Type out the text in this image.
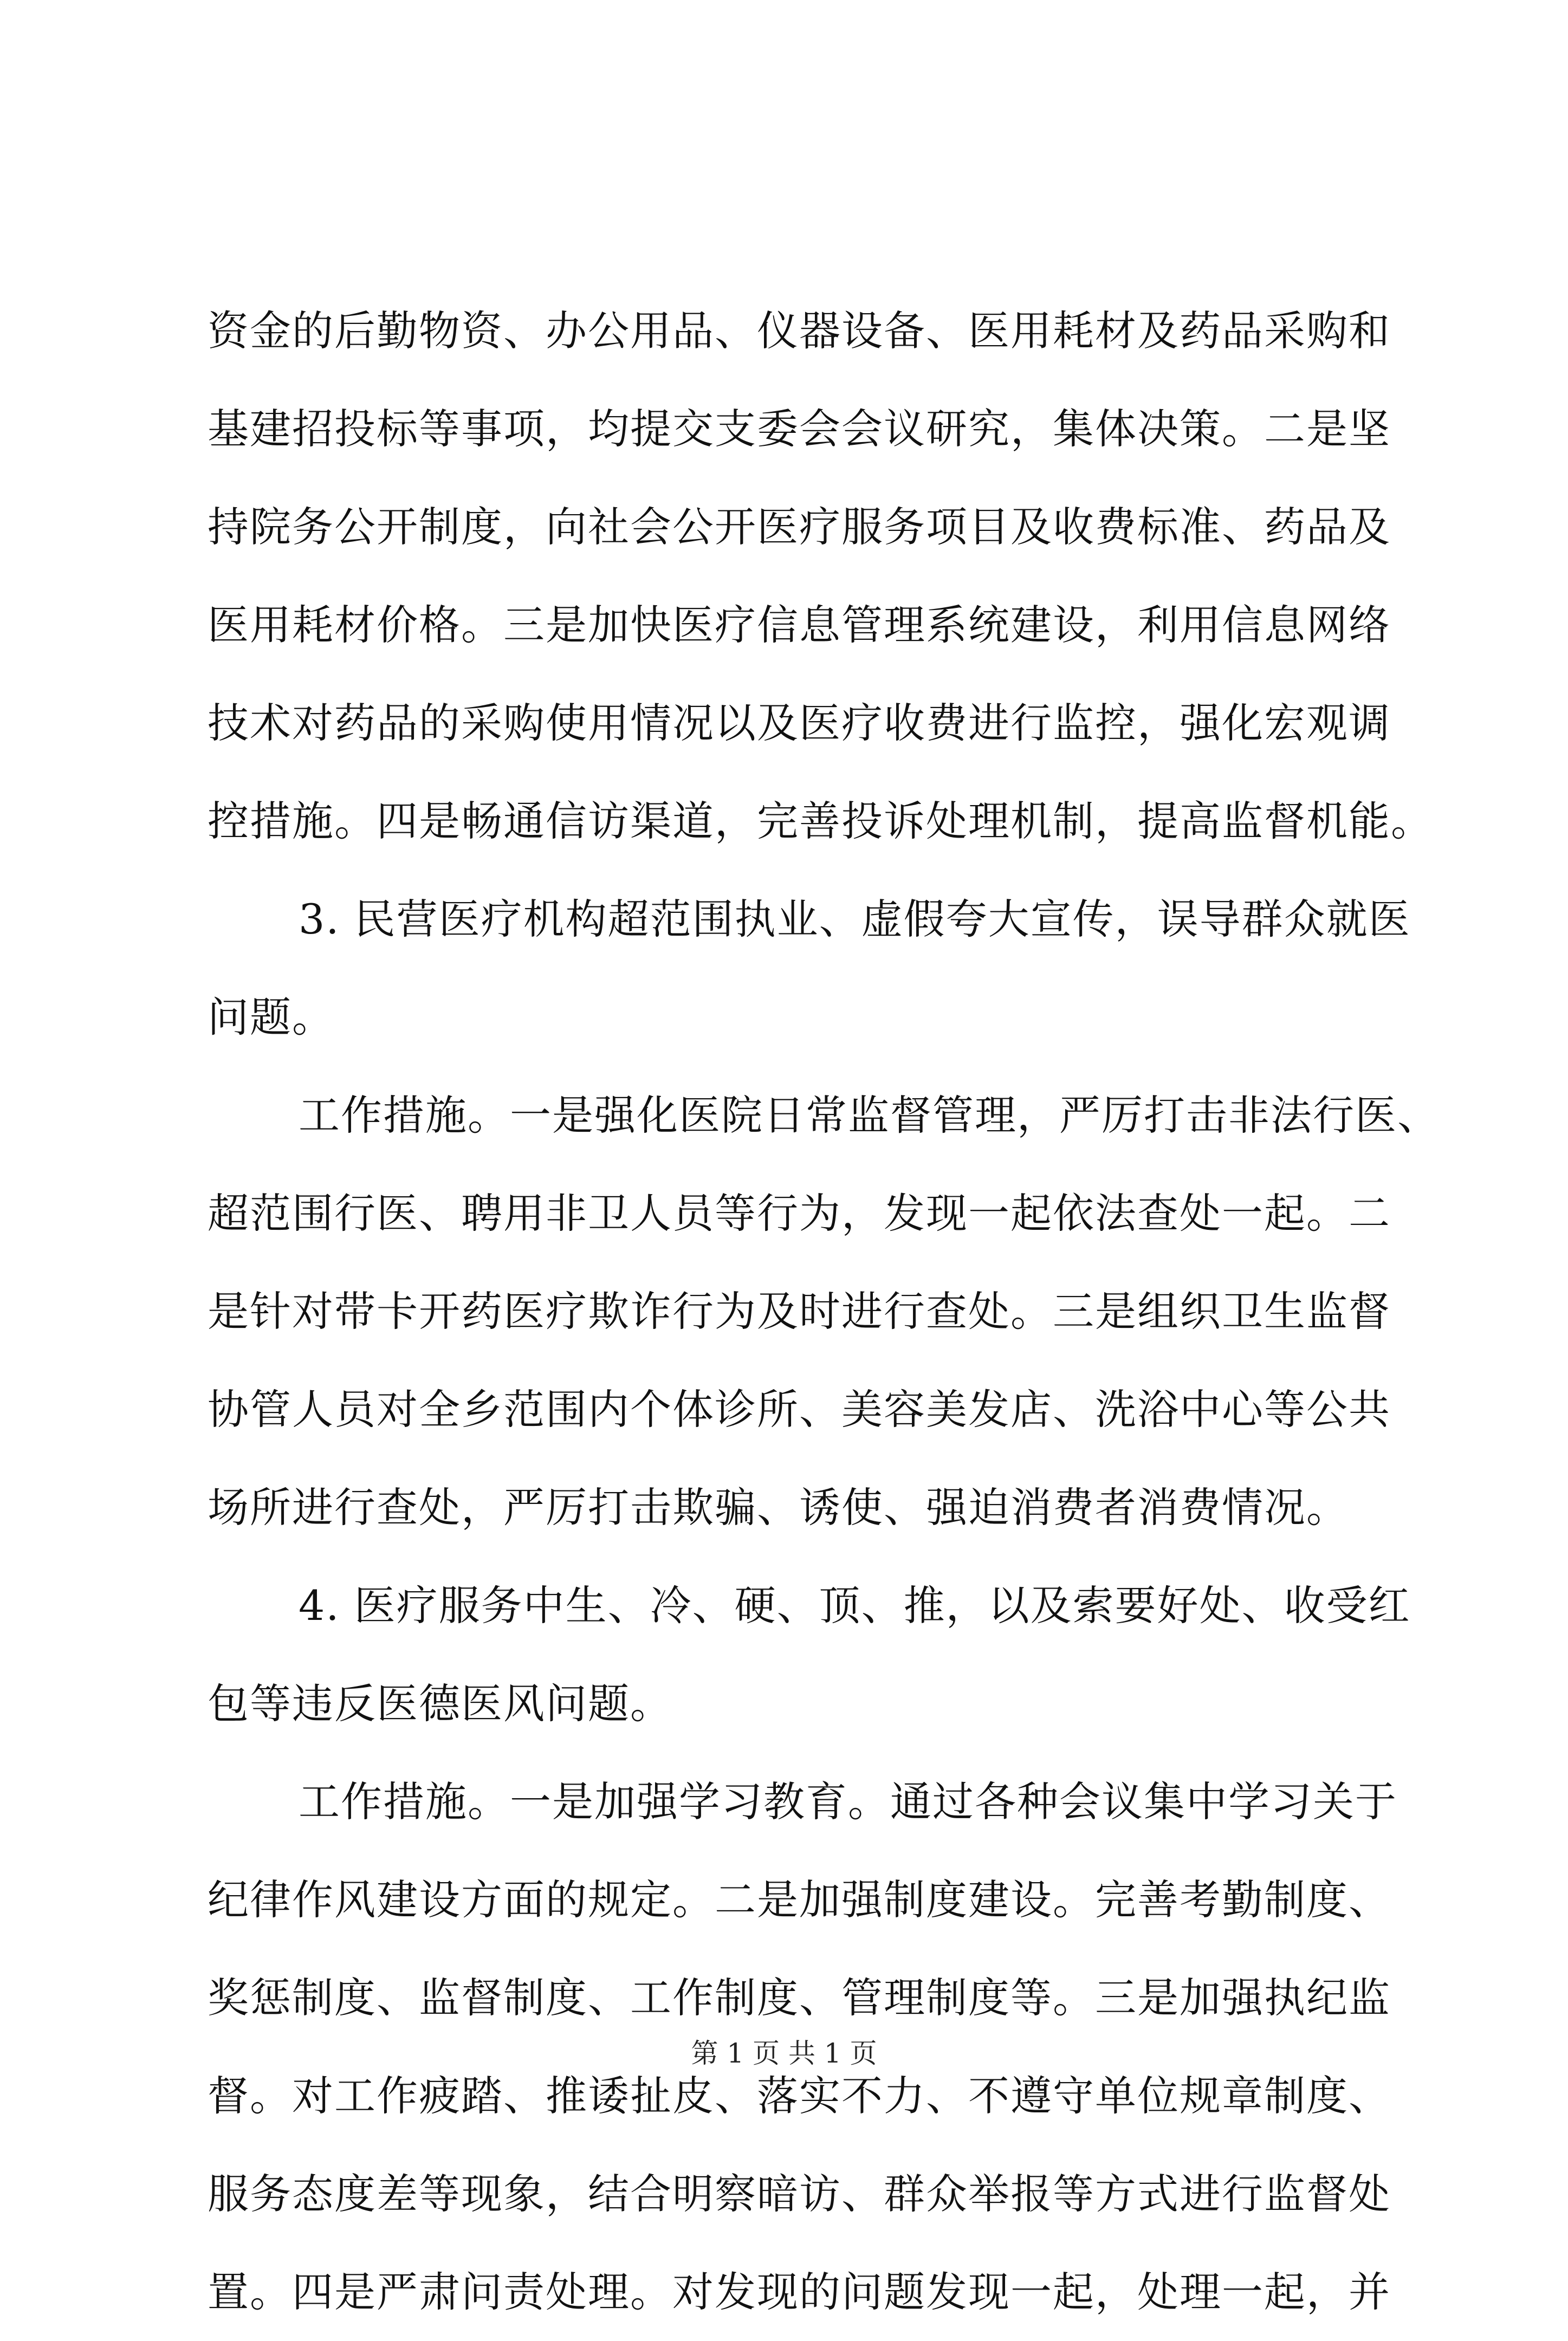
资金的后勤物资、办公用品、仪器设备、医用耗材及药品采购和
基建招投标等事项，均提交支委会会议研究，集体决策。二是坚
持院务公开制度，向社会公开医疗服务项目及收费标准、药品及
医用耗材价格。三是加快医疗信息管理系统建设，利用信息网络
技术对药品的采购使用情况以及医疗收费进行监控，强化宏观调
控措施。四是畅通信访渠道，完善投诉处理机制，提高监督机能。
3. 民营医疗机构超范围执业、虚假夸大宣传，误导群众就医
问题。
工作措施。一是强化医院日常监督管理，严厉打击非法行医、
超范围行医、聘用非卫人员等行为，发现一起依法查处一起。二
是针对带卡开药医疗欺诈行为及时进行查处。三是组织卫生监督
协管人员对全乡范围内个体诊所、美容美发店、洗浴中心等公共
场所进行查处，严厉打击欺骗、诱使、强迫消费者消费情况。
4. 医疗服务中生、冷、硬、顶、推，以及索要好处、收受红
包等违反医德医风问题。
工作措施。一是加强学习教育。通过各种会议集中学习关于
纪律作风建设方面的规定。二是加强制度建设。完善考勤制度、
奖惩制度、监督制度、工作制度、管理制度等。三是加强执纪监
督。对工作疲踏、推诿扯皮、落实不力、不遵守单位规章制度、
服务态度差等现象，结合明察暗访、群众举报等方式进行监督处
置。四是严肃问责处理。对发现的问题发现一起，处理一起，并
第 1 页 共 1 页
